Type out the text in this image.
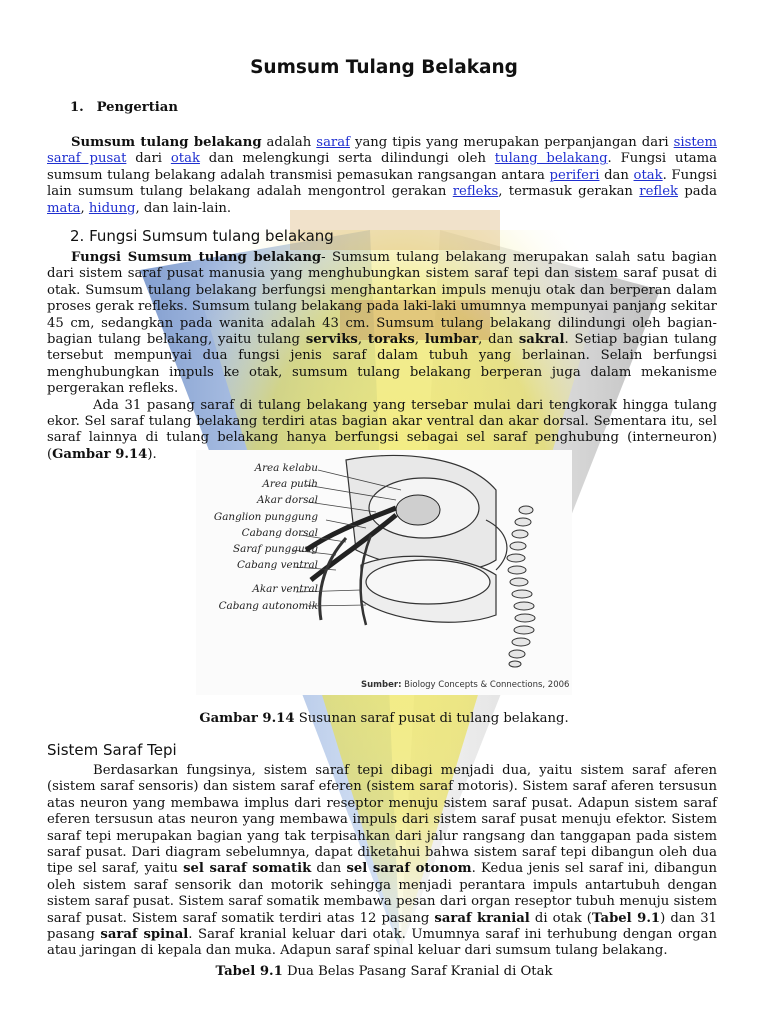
Sumsum Tulang Belakang
1. Pengertian

Sumsum tulang belakang adalah saraf yang tipis yang merupakan perpanjangan dari sistem saraf pusat dari otak dan melengkungi serta dilindungi oleh tulang belakang. Fungsi utama sumsum tulang belakang adalah transmisi pemasukan rangsangan antara periferi dan otak. Fungsi lain sumsum tulang belakang adalah mengontrol gerakan refleks, termasuk gerakan reflek pada mata, hidung, dan lain-lain.

2. Fungsi Sumsum tulang belakang

Fungsi Sumsum tulang belakang- Sumsum tulang belakang merupakan salah satu bagian dari sistem saraf pusat manusia yang menghubungkan sistem saraf tepi dan sistem saraf pusat di otak. Sumsum tulang belakang berfungsi menghantarkan impuls menuju otak dan berperan dalam proses gerak refleks. Sumsum tulang belakang pada laki-laki umumnya mempunyai panjang sekitar 45 cm, sedangkan pada wanita adalah 43 cm. Sumsum tulang belakang dilindungi oleh bagian-bagian tulang belakang, yaitu tulang serviks, toraks, lumbar, dan sakral. Setiap bagian tulang tersebut mempunyai dua fungsi jenis saraf dalam tubuh yang berlainan. Selain berfungsi menghubungkan impuls ke otak, sumsum tulang belakang berperan juga dalam mekanisme pergerakan refleks.

Ada 31 pasang saraf di tulang belakang yang tersebar mulai dari tengkorak hingga tulang ekor. Sel saraf tulang belakang terdiri atas bagian akar ventral dan akar dorsal. Sementara itu, sel saraf lainnya di tulang belakang hanya berfungsi sebagai sel saraf penghubung (interneuron) (Gambar 9.14).

Area kelabu
Area putih
Akar dorsal
Ganglion punggung
Cabang dorsal
Saraf punggung
Cabang ventral
Akar ventral
Cabang autonomik
Sumber: Biology Concepts & Connections, 2006
Gambar 9.14 Susunan saraf pusat di tulang belakang.
Sistem Saraf Tepi

Berdasarkan fungsinya, sistem saraf tepi dibagi menjadi dua, yaitu sistem saraf aferen (sistem saraf sensoris) dan sistem saraf eferen (sistem saraf motoris). Sistem saraf aferen tersusun atas neuron yang membawa implus dari reseptor menuju sistem saraf pusat. Adapun sistem saraf eferen tersusun atas neuron yang membawa impuls dari sistem saraf pusat menuju efektor. Sistem saraf tepi merupakan bagian yang tak terpisahkan dari jalur rangsang dan tanggapan pada sistem saraf pusat. Dari diagram sebelumnya, dapat diketahui bahwa sistem saraf tepi dibangun oleh dua tipe sel saraf, yaitu sel saraf somatik dan sel saraf otonom. Kedua jenis sel saraf ini, dibangun oleh sistem saraf sensorik dan motorik sehingga menjadi perantara impuls antartubuh dengan sistem saraf pusat. Sistem saraf somatik membawa pesan dari organ reseptor tubuh menuju sistem saraf pusat. Sistem saraf somatik terdiri atas 12 pasang saraf kranial di otak (Tabel 9.1) dan 31 pasang saraf spinal. Saraf kranial keluar dari otak. Umumnya saraf ini terhubung dengan organ atau jaringan di kepala dan muka. Adapun saraf spinal keluar dari sumsum tulang belakang.

Tabel 9.1 Dua Belas Pasang Saraf Kranial di Otak
